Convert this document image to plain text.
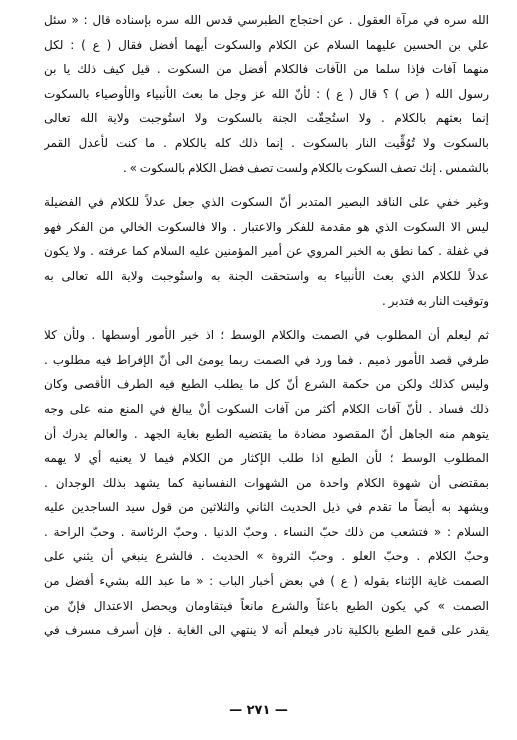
الله سره في مرآة العقول . عن احتجاج الطبرسي قدس الله سره بإسناده قال : « سئل
علي بن الحسين عليهما السلام عن الكلام والسكوت أيهما أفضل فقال ( ع ) : لكل
منهما آفات فإذا سلما من الآفات فالكلام أفضل من السكوت . قيل كيف ذلك يا بن
رسول الله ( ص ) ؟ قال ( ع ) : لأنّ الله عز وجل ما بعث الأنبياء والأوصياء بالسكوت
إنما بعثهم بالكلام . ولا استُحِقّت الجنة بالسكوت ولا استُوجبت ولاية الله تعالى
بالسكوت ولا تُوُقِّيت النار بالسكوت . إنما ذلك كله بالكلام . ما كنت لأعدل القمر
بالشمس . إنك تصف السكوت بالكلام ولست تصف فضل الكلام بالسكوت » .

وغير خفي على الناقد البصير المتدبر أنّ السكوت الذي جعل عدلاً للكلام في الفضيلة
ليس الا السكوت الذي هو مقدمة للفكر والاعتبار . والا فالسكوت الخالي من الفكر فهو
في غفلة . كما نطق به الخبر المروي عن أمير المؤمنين عليه السلام كما عرفته . ولا يكون
عدلاً للكلام الذي بعث الأنبياء به واستحقت الجنة به واستُوجبت ولاية الله تعالى به
وتوقيت النار به فتدبر .

ثم ليعلم أن المطلوب في الصمت والكلام الوسط ؛ اذ خير الأمور أوسطها . ولأن كلا
طرفي قصد الأمور ذميم . فما ورد في الصمت ربما يومئ الى أنّ الإفراط فيه مطلوب .
وليس كذلك ولكن من حكمة الشرع أنّ كل ما يطلب الطبع فيه الطرف الأقصى وكان
ذلك فساد . لأنّ آفات الكلام أكثر من آفات السكوت أنْ يبالغ في المنع منه على وجه
يتوهم منه الجاهل أنّ المقصود مضادة ما يقتضيه الطبع بغاية الجهد . والعالم يدرك أن
المطلوب الوسط ؛ لأن الطبع اذا طلب الإكثار من الكلام فيما لا يعنيه أي لا يهمه
بمقتضى أن شهوة الكلام واحدة من الشهوات النفسانية كما يشهد بذلك الوجدان .
ويشهد به أيضاً ما تقدم في ذيل الحديث الثاني والثلاثين من قول سيد الساجدين عليه
السلام : « فتشعب من ذلك حبّ النساء . وحبّ الدنيا . وحبّ الرئاسة . وحبّ الراحة .
وحبّ الكلام . وحبّ العلو . وحبّ الثروة » الحديث . فالشرع ينبغي أن يثني على
الصمت غاية الإثناء بقوله ( ع ) في بعض أخبار الباب : « ما عبد الله بشيء أفضل من
الصمت » كي يكون الطبع باعثاً والشرع مانعاً فيتقاومان ويحصل الاعتدال فإنّ من
يقدر على قمع الطبع بالكلية نادر فيعلم أنه لا ينتهي الى الغاية . فإن أسرف مسرف في

— ٢٧١ —
